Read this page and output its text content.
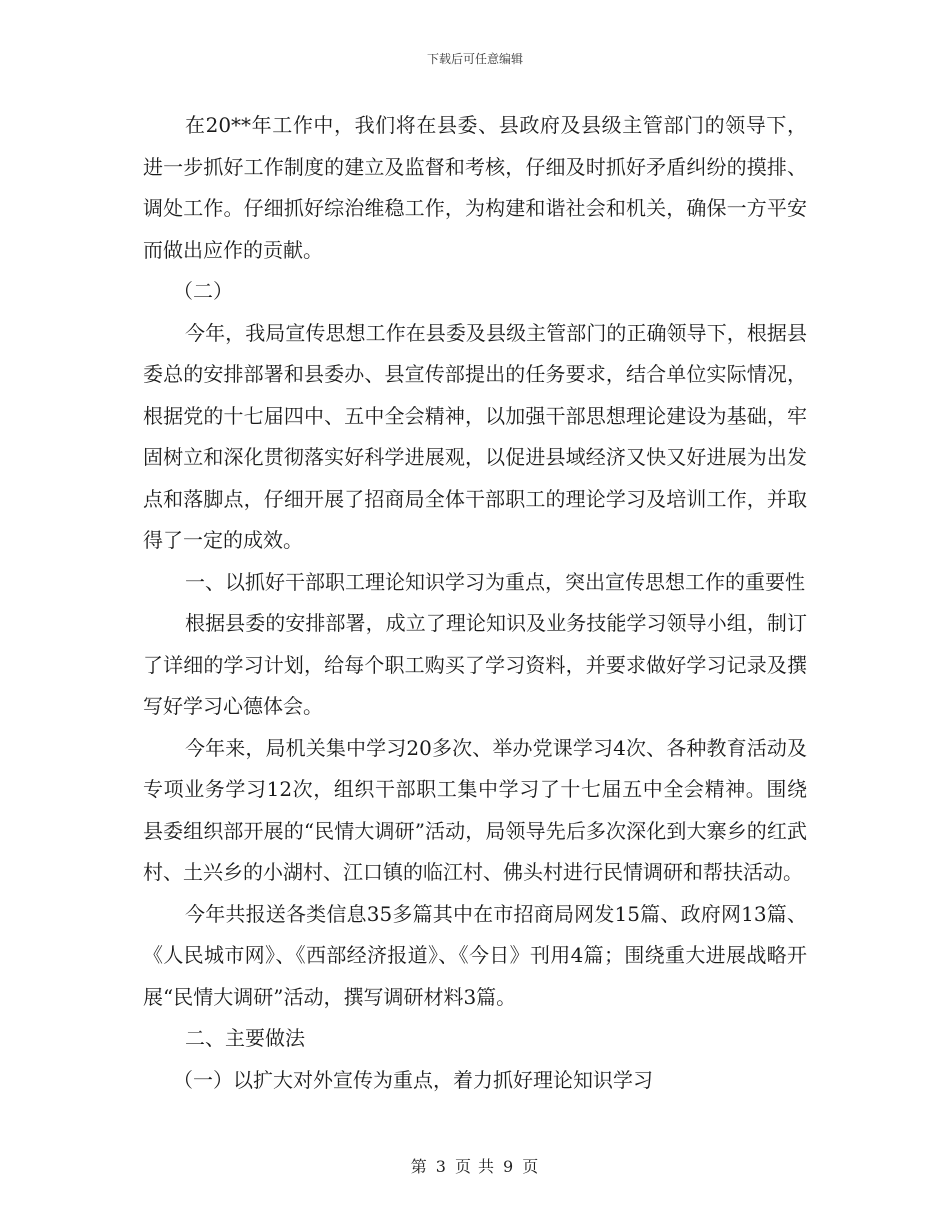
下载后可任意编辑

在20**年工作中，我们将在县委、县政府及县级主管部门的领导下，进一步抓好工作制度的建立及监督和考核，仔细及时抓好矛盾纠纷的摸排、调处工作。仔细抓好综治维稳工作，为构建和谐社会和机关，确保一方平安而做出应作的贡献。

（二）

今年，我局宣传思想工作在县委及县级主管部门的正确领导下，根据县委总的安排部署和县委办、县宣传部提出的任务要求，结合单位实际情况，根据党的十七届四中、五中全会精神，以加强干部思想理论建设为基础，牢固树立和深化贯彻落实好科学进展观，以促进县域经济又快又好进展为出发点和落脚点，仔细开展了招商局全体干部职工的理论学习及培训工作，并取得了一定的成效。

一、以抓好干部职工理论知识学习为重点，突出宣传思想工作的重要性

根据县委的安排部署，成立了理论知识及业务技能学习领导小组，制订了详细的学习计划，给每个职工购买了学习资料，并要求做好学习记录及撰写好学习心德体会。

今年来，局机关集中学习20多次、举办党课学习4次、各种教育活动及专项业务学习12次，组织干部职工集中学习了十七届五中全会精神。围绕县委组织部开展的“民情大调研”活动，局领导先后多次深化到大寨乡的红武村、土兴乡的小湖村、江口镇的临江村、佛头村进行民情调研和帮扶活动。

今年共报送各类信息35多篇其中在市招商局网发15篇、政府网13篇、《人民城市网》、《西部经济报道》、《今日》刊用4篇；围绕重大进展战略开展“民情大调研”活动，撰写调研材料3篇。

二、主要做法

（一）以扩大对外宣传为重点，着力抓好理论知识学习

第 3 页 共 9 页
